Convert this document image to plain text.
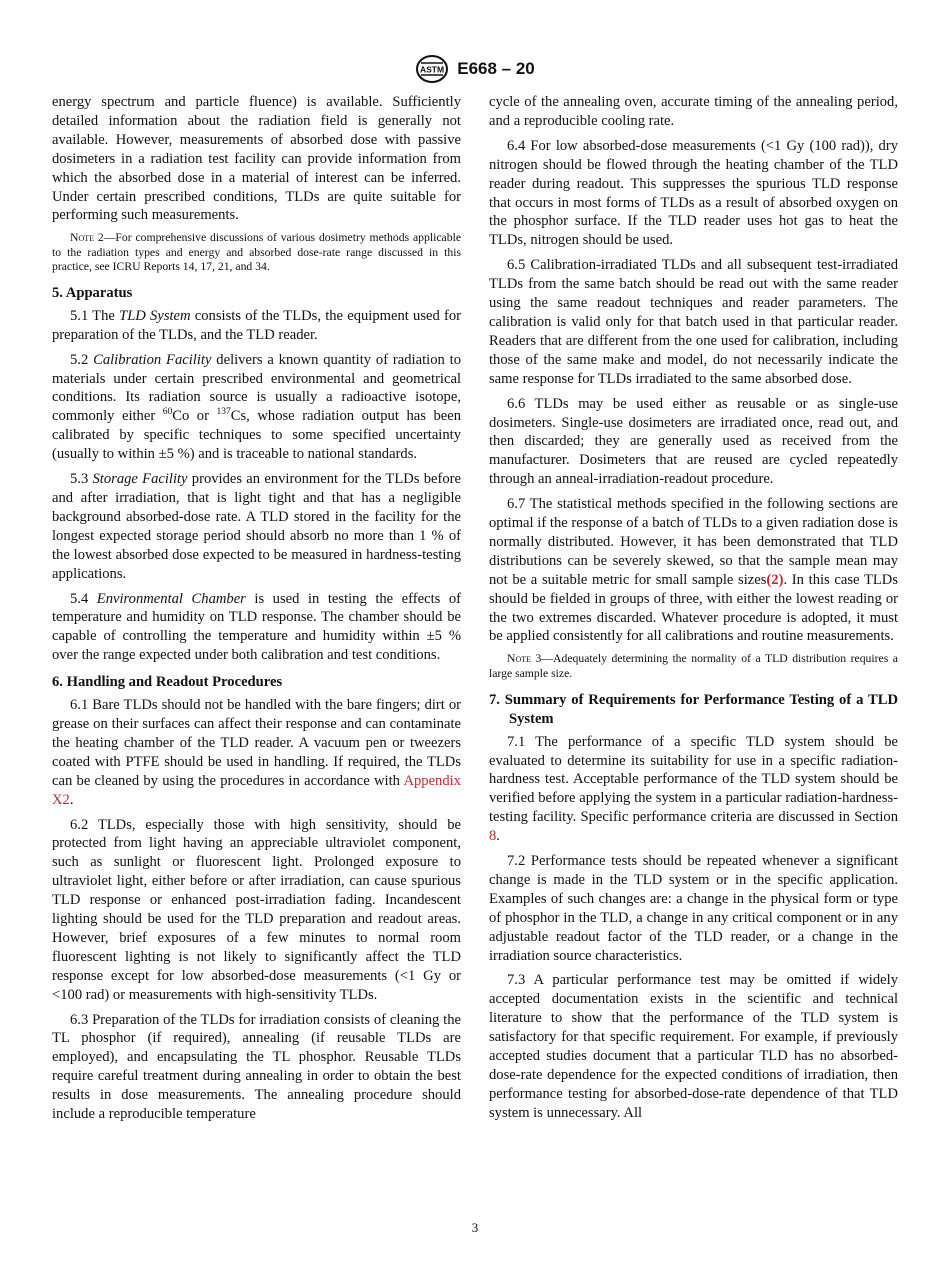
ASTM E668 – 20

energy spectrum and particle fluence) is available. Sufficiently detailed information about the radiation field is generally not available. However, measurements of absorbed dose with passive dosimeters in a radiation test facility can provide information from which the absorbed dose in a material of interest can be inferred. Under certain prescribed conditions, TLDs are quite suitable for performing such measurements.

Note 2—For comprehensive discussions of various dosimetry methods applicable to the radiation types and energy and absorbed dose-rate range discussed in this practice, see ICRU Reports 14, 17, 21, and 34.
5. Apparatus

5.1 The TLD System consists of the TLDs, the equipment used for preparation of the TLDs, and the TLD reader.

5.2 Calibration Facility delivers a known quantity of radiation to materials under certain prescribed environmental and geometrical conditions. Its radiation source is usually a radioactive isotope, commonly either $^{60}$Co or $^{137}$Cs, whose radiation output has been calibrated by specific techniques to some specified uncertainty (usually to within ±5 %) and is traceable to national standards.

5.3 Storage Facility provides an environment for the TLDs before and after irradiation, that is light tight and that has a negligible background absorbed-dose rate. A TLD stored in the facility for the longest expected storage period should absorb no more than 1 % of the lowest absorbed dose expected to be measured in hardness-testing applications.

5.4 Environmental Chamber is used in testing the effects of temperature and humidity on TLD response. The chamber should be capable of controlling the temperature and humidity within ±5 % over the range expected under both calibration and test conditions.

6. Handling and Readout Procedures

6.1 Bare TLDs should not be handled with the bare fingers; dirt or grease on their surfaces can affect their response and can contaminate the heating chamber of the TLD reader. A vacuum pen or tweezers coated with PTFE should be used in handling. If required, the TLDs can be cleaned by using the procedures in accordance with Appendix X2.

6.2 TLDs, especially those with high sensitivity, should be protected from light having an appreciable ultraviolet component, such as sunlight or fluorescent light. Prolonged exposure to ultraviolet light, either before or after irradiation, can cause spurious TLD response or enhanced post-irradiation fading. Incandescent lighting should be used for the TLD preparation and readout areas. However, brief exposures of a few minutes to normal room fluorescent lighting is not likely to significantly affect the TLD response except for low absorbed-dose measurements (<1 Gy or <100 rad) or measurements with high-sensitivity TLDs.

6.3 Preparation of the TLDs for irradiation consists of cleaning the TL phosphor (if required), annealing (if reusable TLDs are employed), and encapsulating the TL phosphor. Reusable TLDs require careful treatment during annealing in order to obtain the best results in dose measurements. The annealing procedure should include a reproducible temperature

cycle of the annealing oven, accurate timing of the annealing period, and a reproducible cooling rate.

6.4 For low absorbed-dose measurements (<1 Gy (100 rad)), dry nitrogen should be flowed through the heating chamber of the TLD reader during readout. This suppresses the spurious TLD response that occurs in most forms of TLDs as a result of absorbed oxygen on the phosphor surface. If the TLD reader uses hot gas to heat the TLDs, nitrogen should be used.

6.5 Calibration-irradiated TLDs and all subsequent test-irradiated TLDs from the same batch should be read out with the same reader using the same readout techniques and reader parameters. The calibration is valid only for that batch used in that particular reader. Readers that are different from the one used for calibration, including those of the same make and model, do not necessarily indicate the same response for TLDs irradiated to the same absorbed dose.

6.6 TLDs may be used either as reusable or as single-use dosimeters. Single-use dosimeters are irradiated once, read out, and then discarded; they are generally used as received from the manufacturer. Dosimeters that are reused are cycled repeatedly through an anneal-irradiation-readout procedure.

6.7 The statistical methods specified in the following sections are optimal if the response of a batch of TLDs to a given radiation dose is normally distributed. However, it has been demonstrated that TLD distributions can be severely skewed, so that the sample mean may not be a suitable metric for small sample sizes(2). In this case TLDs should be fielded in groups of three, with either the lowest reading or the two extremes discarded. Whatever procedure is adopted, it must be applied consistently for all calibrations and routine measurements.

Note 3—Adequately determining the normality of a TLD distribution requires a large sample size.
7. Summary of Requirements for Performance Testing of a TLD System

7.1 The performance of a specific TLD system should be evaluated to determine its suitability for use in a specific radiation-hardness test. Acceptable performance of the TLD system should be verified before applying the system in a particular radiation-hardness-testing facility. Specific performance criteria are discussed in Section 8.

7.2 Performance tests should be repeated whenever a significant change is made in the TLD system or in the specific application. Examples of such changes are: a change in the physical form or type of phosphor in the TLD, a change in any critical component or in any adjustable readout factor of the TLD reader, or a change in the irradiation source characteristics.

7.3 A particular performance test may be omitted if widely accepted documentation exists in the scientific and technical literature to show that the performance of the TLD system is satisfactory for that specific requirement. For example, if previously accepted studies document that a particular TLD has no absorbed-dose-rate dependence for the expected conditions of irradiation, then performance testing for absorbed-dose-rate dependence of that TLD system is unnecessary. All

3
